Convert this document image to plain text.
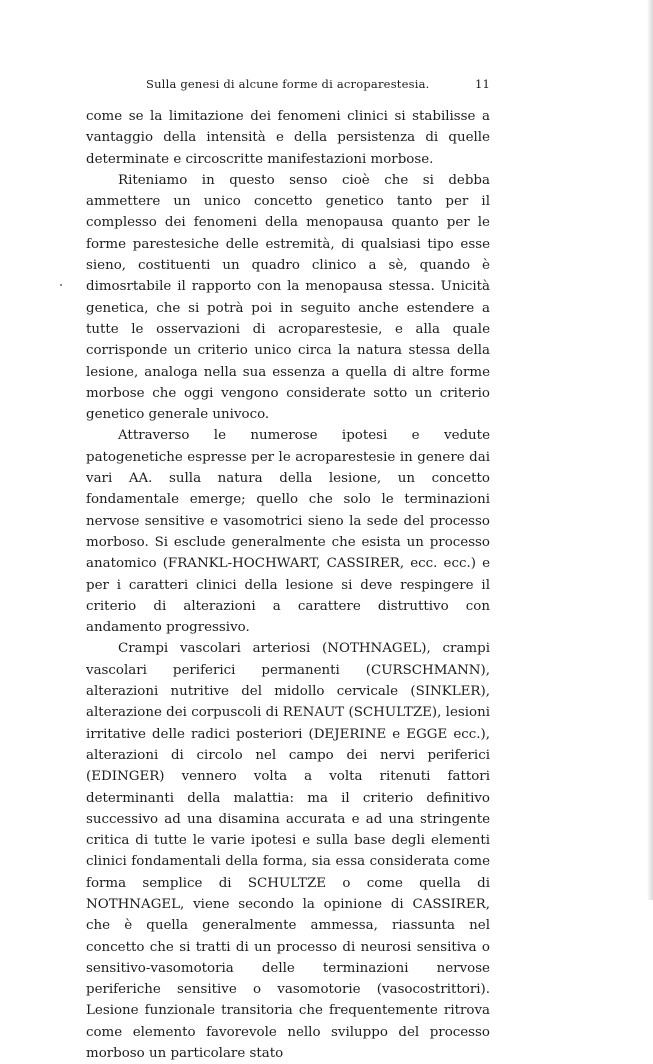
Sulla genesi di alcune forme di acroparestesia.	11

come se la limitazione dei fenomeni clinici si stabilisse a vantaggio della intensità e della persistenza di quelle determinate e circoscritte manifestazioni morbose.

Riteniamo in questo senso cioè che si debba ammettere un unico concetto genetico tanto per il complesso dei fenomeni della menopausa quanto per le forme parestesiche delle estremità, di qualsiasi tipo esse sieno, costituenti un quadro clinico a sè, quando è dimosrtabile il rapporto con la menopausa stessa. Unicità genetica, che si potrà poi in seguito anche estendere a tutte le osservazioni di acroparestesie, e alla quale corrisponde un criterio unico circa la natura stessa della lesione, analoga nella sua essenza a quella di altre forme morbose che oggi vengono considerate sotto un criterio genetico generale univoco.

Attraverso le numerose ipotesi e vedute patogenetiche espresse per le acroparestesie in genere dai vari AA. sulla natura della lesione, un concetto fondamentale emerge; quello che solo le terminazioni nervose sensitive e vasomotrici sieno la sede del processo morboso. Si esclude generalmente che esista un processo anatomico (FRANKL-HOCHWART, CASSIRER, ecc. ecc.) e per i caratteri clinici della lesione si deve respingere il criterio di alterazioni a carattere distruttivo con andamento progressivo.

Crampi vascolari arteriosi (NOTHNAGEL), crampi vascolari periferici permanenti (CURSCHMANN), alterazioni nutritive del midollo cervicale (SINKLER), alterazione dei corpuscoli di RENAUT (SCHULTZE), lesioni irritative delle radici posteriori (DEJERINE e EGGE ecc.), alterazioni di circolo nel campo dei nervi periferici (EDINGER) vennero volta a volta ritenuti fattori determinanti della malattia: ma il criterio definitivo successivo ad una disamina accurata e ad una stringente critica di tutte le varie ipotesi e sulla base degli elementi clinici fondamentali della forma, sia essa considerata come forma semplice di SCHULTZE o come quella di NOTHNAGEL, viene secondo la opinione di CASSIRER, che è quella generalmente ammessa, riassunta nel concetto che si tratti di un processo di neurosi sensitiva o sensitivo-vasomotoria delle terminazioni nervose periferiche sensitive o vasomotorie (vasocostrittori). Lesione funzionale transitoria che frequentemente ritrova come elemento favorevole nello sviluppo del processo morboso un particolare stato
